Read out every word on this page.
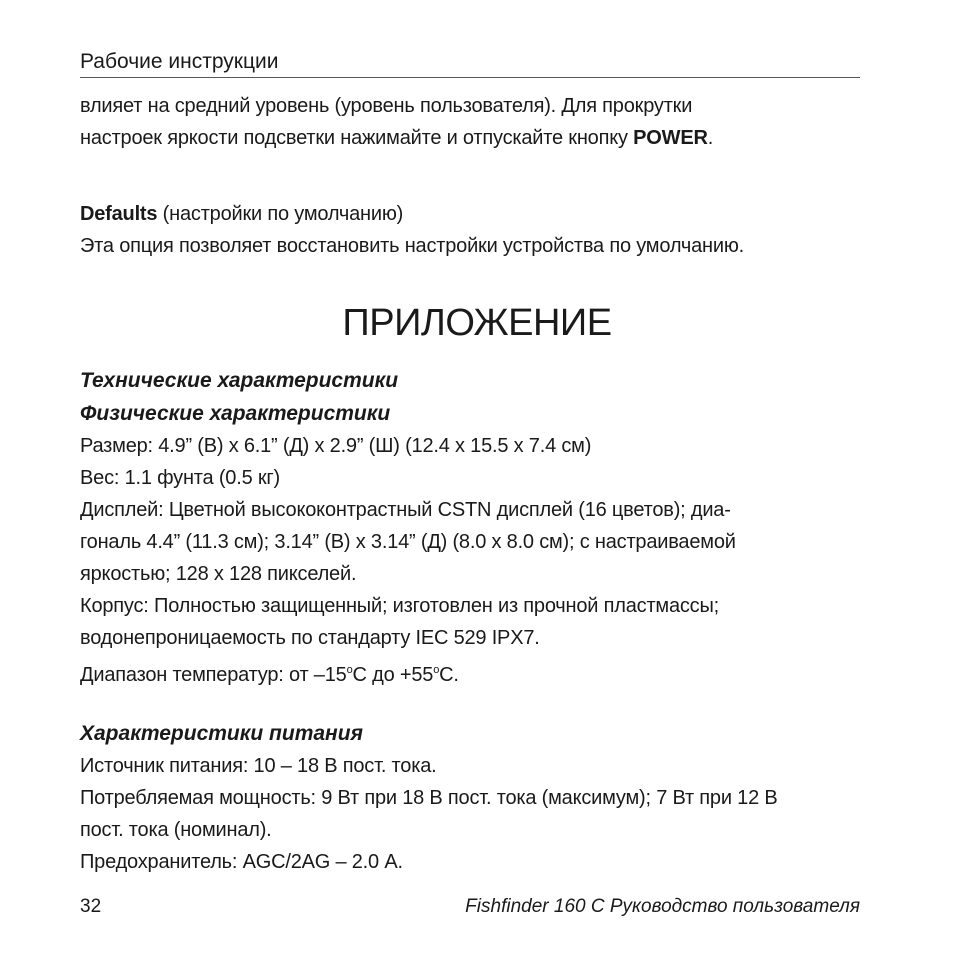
Рабочие инструкции
влияет на средний уровень (уровень пользователя). Для прокрутки
настроек яркости подсветки нажимайте и отпускайте кнопку POWER.
Defaults (настройки по умолчанию)
Эта опция позволяет восстановить настройки устройства по умолчанию.
ПРИЛОЖЕНИЕ
Технические характеристики
Физические характеристики
Размер: 4.9” (В) x 6.1” (Д) x 2.9” (Ш) (12.4 x 15.5 x 7.4 см)
Вес: 1.1 фунта (0.5 кг)
Дисплей: Цветной высококонтрастный CSTN дисплей (16 цветов); диа-
гональ 4.4” (11.3 см); 3.14” (В) x 3.14” (Д) (8.0 x 8.0 см); с настраиваемой
яркостью; 128 x 128 пикселей.
Корпус: Полностью защищенный; изготовлен из прочной пластмассы;
водонепроницаемость по стандарту IEC 529 IPX7.
Диапазон температур: от –15$^o$С до $+55^oС$.
Характеристики питания
Источник питания: 10 – 18 В пост. тока.
Потребляемая мощность: 9 Вт при 18 В пост. тока (максимум); 7 Вт при 12 В
пост. тока (номинал).
Предохранитель: AGC/2AG – 2.0 А.
32	Fishfinder 160 C Руководство пользователя
